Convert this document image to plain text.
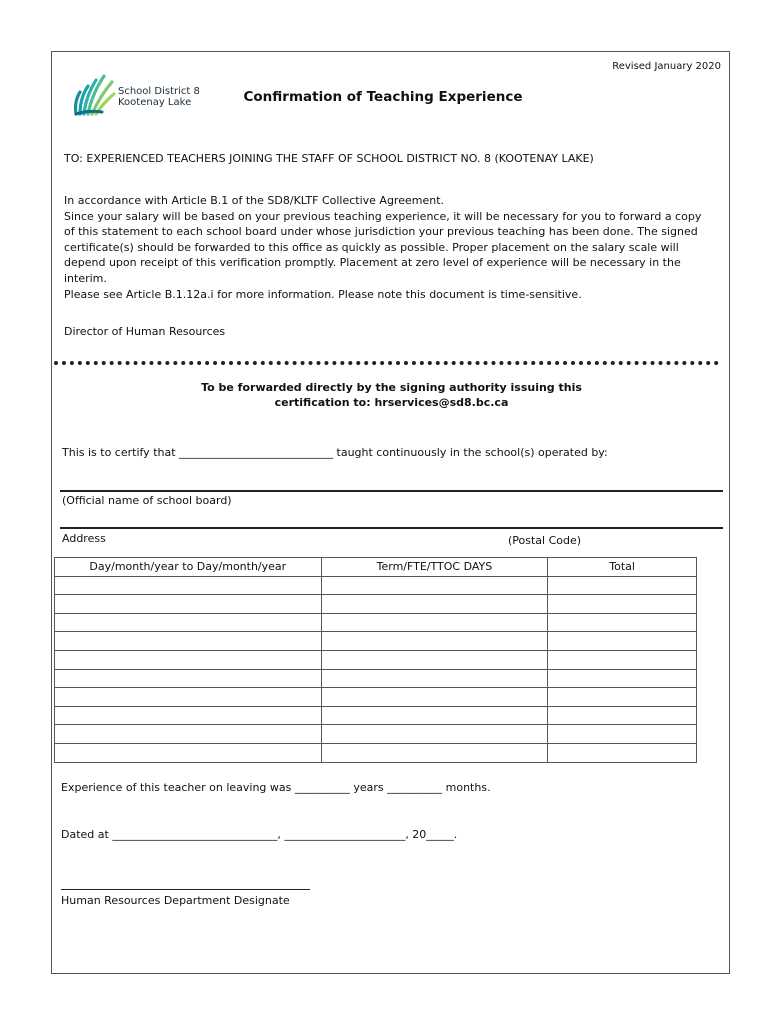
Revised January 2020
School District 8
Kootenay Lake	Confirmation of Teaching Experience
TO: EXPERIENCED TEACHERS JOINING THE STAFF OF SCHOOL DISTRICT NO. 8 (KOOTENAY LAKE)

In accordance with Article B.1 of the SD8/KLTF Collective Agreement.

Since your salary will be based on your previous teaching experience, it will be necessary for you to forward a copy of this statement to each school board under whose jurisdiction your previous teaching has been done. The signed certificate(s) should be forwarded to this office as quickly as possible. Proper placement on the salary scale will depend upon receipt of this verification promptly. Placement at zero level of experience will be necessary in the interim.

Please see Article B.1.12a.i for more information. Please note this document is time-sensitive.

Director of Human Resources
To be forwarded directly by the signing authority issuing this
certification to: hrservices@sd8.bc.ca
This is to certify that ____________________________ taught continuously in the school(s) operated by:
(Official name of school board)
Address	(Postal Code)
Day/month/year to Day/month/year	Term/FTE/TTOC DAYS	Total

Experience of this teacher on leaving was __________ years __________ months.
Dated at ______________________________, ______________________, 20_____.
Human Resources Department Designate
